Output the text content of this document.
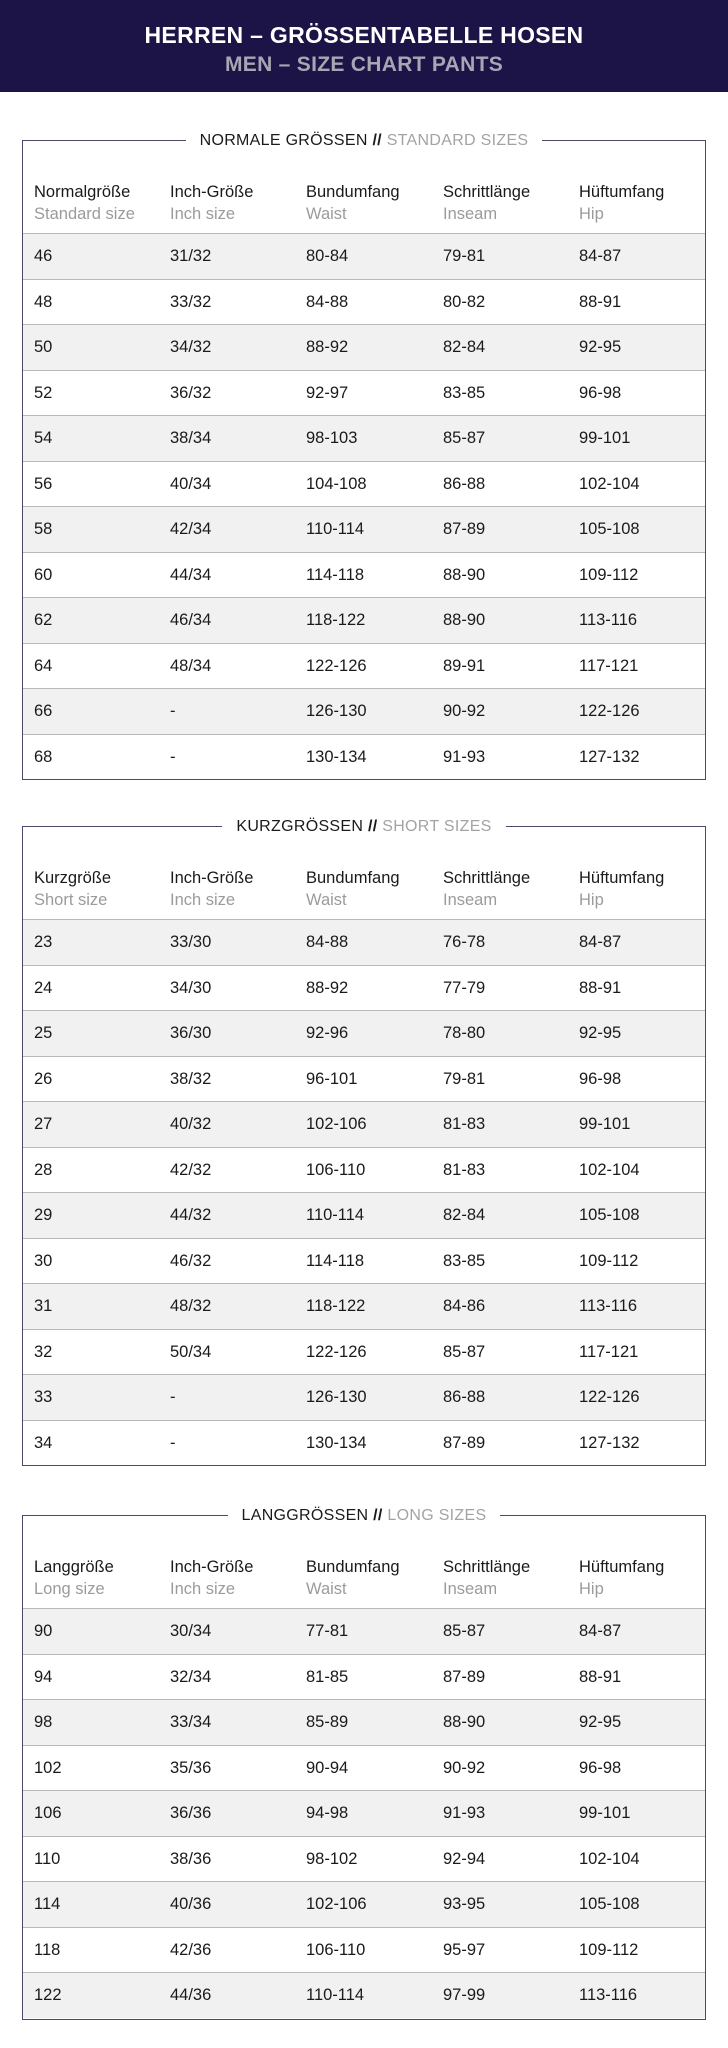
HERREN – GRÖSSENTABELLE HOSEN
MEN – SIZE CHART PANTS
NORMALE GRÖSSEN // STANDARD SIZES
Normalgröße
Standard size
Inch-Größe
Inch size
Bundumfang
Waist
Schrittlänge
Inseam
Hüftumfang
Hip
46	31/32	80-84	79-81	84-87
48	33/32	84-88	80-82	88-91
50	34/32	88-92	82-84	92-95
52	36/32	92-97	83-85	96-98
54	38/34	98-103	85-87	99-101
56	40/34	104-108	86-88	102-104
58	42/34	110-114	87-89	105-108
60	44/34	114-118	88-90	109-112
62	46/34	118-122	88-90	113-116
64	48/34	122-126	89-91	117-121
66	-	126-130	90-92	122-126
68	-	130-134	91-93	127-132
KURZGRÖSSEN // SHORT SIZES
Kurzgröße
Short size
Inch-Größe
Inch size
Bundumfang
Waist
Schrittlänge
Inseam
Hüftumfang
Hip
23	33/30	84-88	76-78	84-87
24	34/30	88-92	77-79	88-91
25	36/30	92-96	78-80	92-95
26	38/32	96-101	79-81	96-98
27	40/32	102-106	81-83	99-101
28	42/32	106-110	81-83	102-104
29	44/32	110-114	82-84	105-108
30	46/32	114-118	83-85	109-112
31	48/32	118-122	84-86	113-116
32	50/34	122-126	85-87	117-121
33	-	126-130	86-88	122-126
34	-	130-134	87-89	127-132
LANGGRÖSSEN // LONG SIZES
Langgröße
Long size
Inch-Größe
Inch size
Bundumfang
Waist
Schrittlänge
Inseam
Hüftumfang
Hip
90	30/34	77-81	85-87	84-87
94	32/34	81-85	87-89	88-91
98	33/34	85-89	88-90	92-95
102	35/36	90-94	90-92	96-98
106	36/36	94-98	91-93	99-101
110	38/36	98-102	92-94	102-104
114	40/36	102-106	93-95	105-108
118	42/36	106-110	95-97	109-112
122	44/36	110-114	97-99	113-116
